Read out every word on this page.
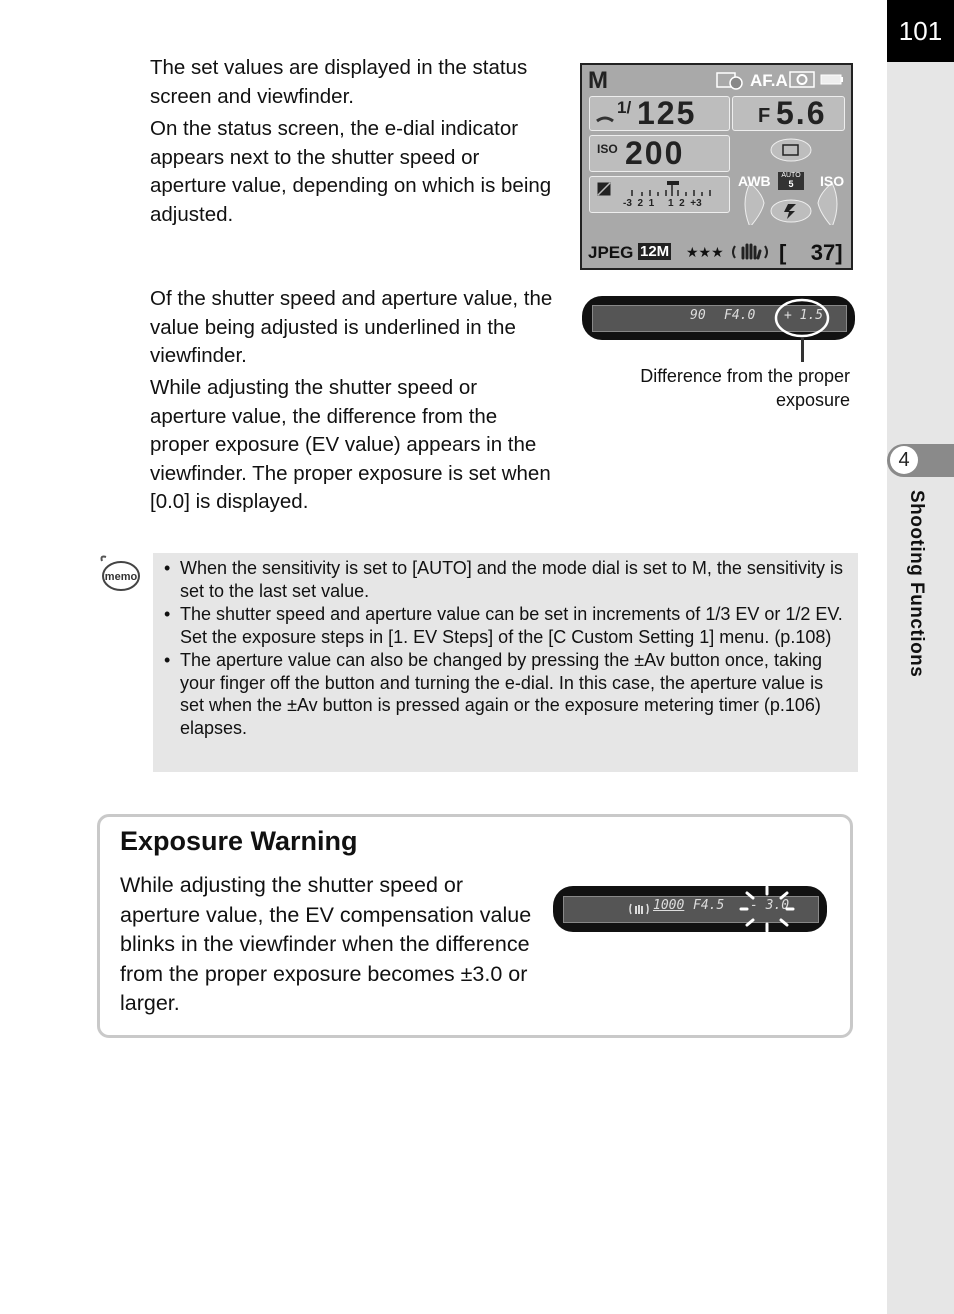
101
4
Shooting Functions

The set values are displayed in the status screen and viewfinder.

On the status screen, the e-dial indicator appears next to the shutter speed or aperture value, depending on which is being adjusted.

Of the shutter speed and aperture value, the value being adjusted is underlined in the viewfinder.

While adjusting the shutter speed or aperture value, the difference from the proper exposure (EV value) appears in the viewfinder. The proper exposure is set when [0.0] is displayed.

M	AF.A
1/ 125	F 5.6
ISO 200
-3  2  1     1  2  +3
AWB	AUTO
5	ISO
JPEG 12M ★★★	[    37]
90 F4.0 + 1.5
Difference from the proper exposure
memo
•	When the sensitivity is set to [AUTO] and the mode dial is set to M, the sensitivity is set to the last set value.
• The shutter speed and aperture value can be set in increments of 1/3 EV or 1/2 EV. Set the exposure steps in [1. EV Steps] of the [C Custom Setting 1] menu. (p.108)
• The aperture value can also be changed by pressing the ±Av button once, taking your finger off the button and turning the e-dial. In this case, the aperture value is set when the ±Av button is pressed again or the exposure metering timer (p.106) elapses.
Exposure Warning

While adjusting the shutter speed or aperture value, the EV compensation value blinks in the viewfinder when the difference from the proper exposure becomes ±3.0 or larger.

1000 F4.5 - 3.0
